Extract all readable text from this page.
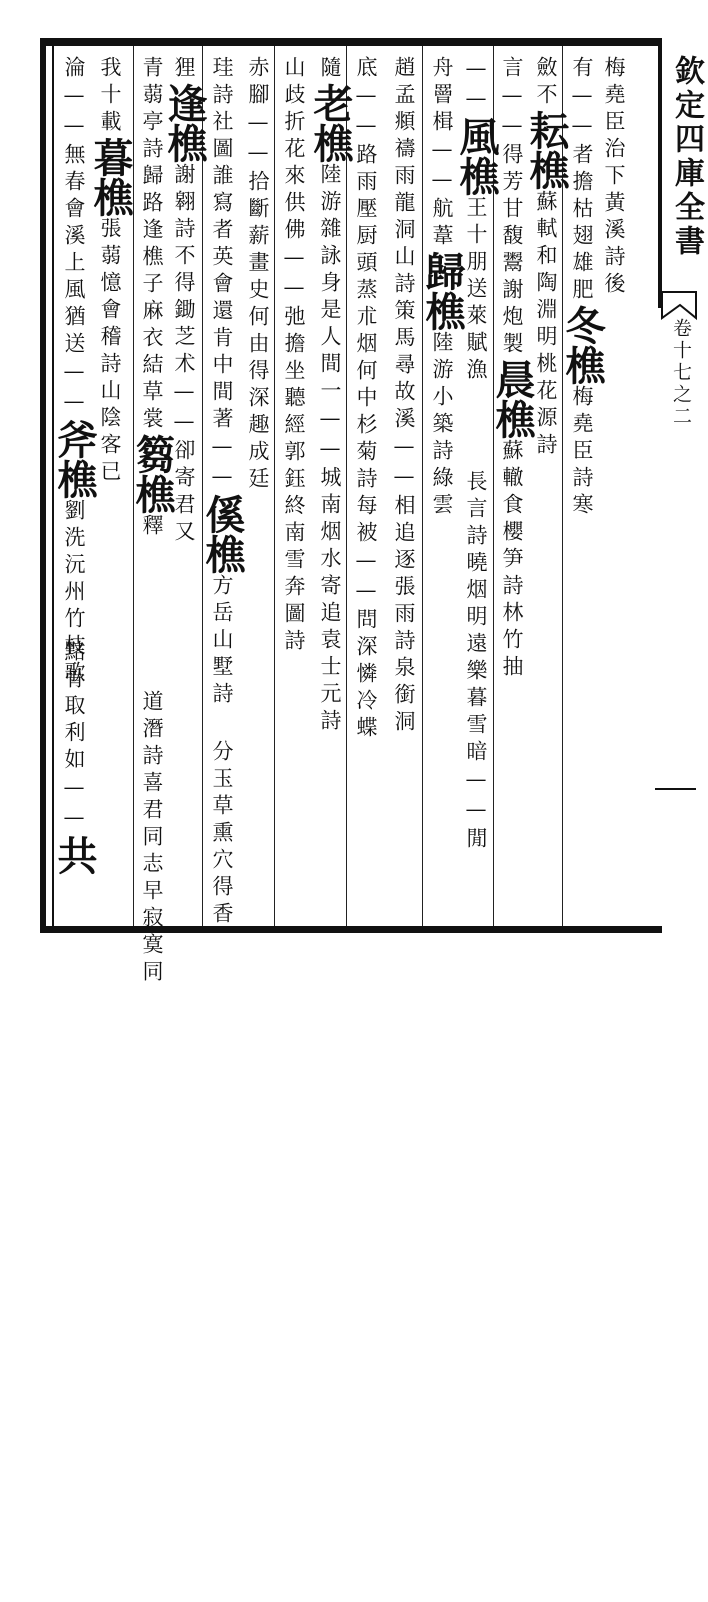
欽定四庫全書
卷十七之二
梅堯臣治下黃溪詩後
有——者擔枯翅雄肥冬樵梅堯臣詩寒
斂不耘樵蘇軾和陶淵明桃花源詩
言——得芳甘馥鬻謝炮製晨樵蘇轍食櫻笋詩林竹抽
——風樵王十朋送萊賦漁
舟罾楫——航葦歸樵陸游小築詩綠雲
長言詩曉烟明遠樂暮雪暗——閒
趙孟頫禱雨龍洞山詩策馬尋故溪——相追逐張雨詩泉銜洞
底——路雨壓厨頭蒸朮烟何中杉菊詩每被——問深憐冷蝶
隨老樵陸游雜詠身是人間一——城南烟水寄追袁士元詩
山歧折花來供佛——弛擔坐聽經郭鈺終南雪奔圖詩
赤腳——拾斷薪畫史何由得深趣成廷
珪詩社圖誰寫者英會還肯中間著——傒樵方岳山墅詩
分玉草熏穴得香
狸逢樵謝翱詩不得鋤芝术——卻寄君又
青蒻亭詩歸路逢樵子麻衣結草裳篘樵釋
道潛詩喜君同志早寂寞同
我十載暮樵張蒻憶會稽詩山陰客已
淪——無春會溪上風猶送——斧樵劉洗沅州竹枝歌
黠骨取利如——共
